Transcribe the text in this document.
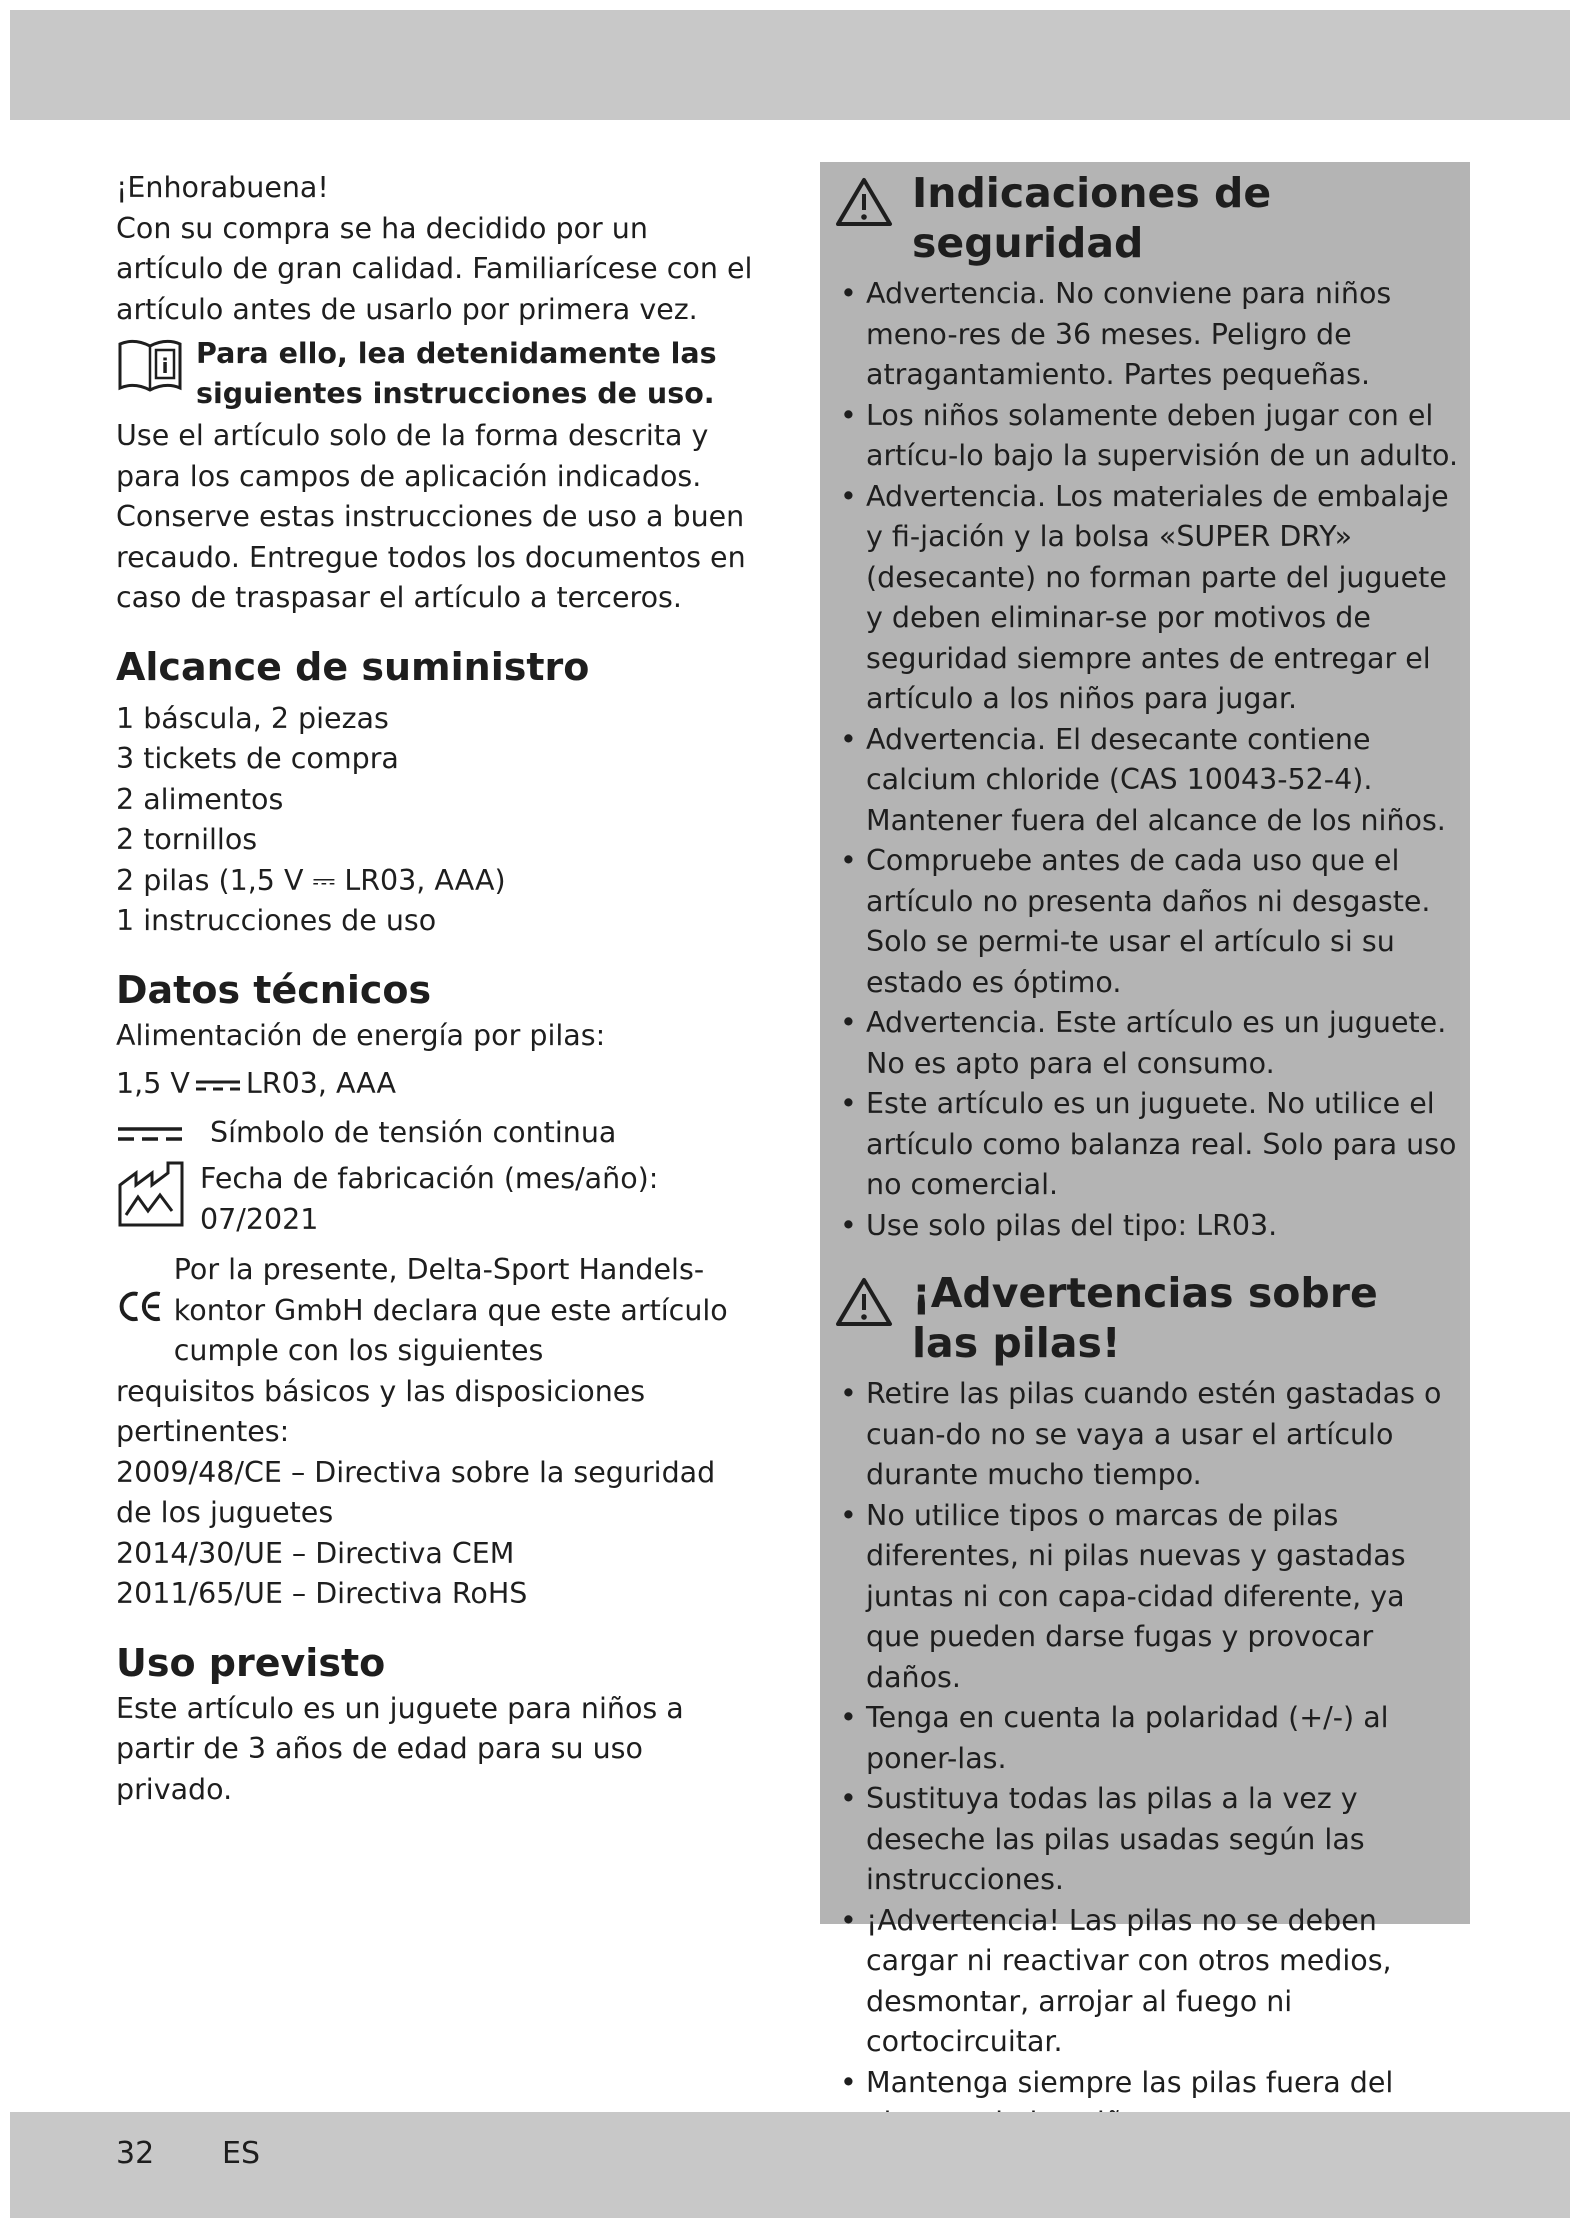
¡Enhorabuena!

Con su compra se ha decidido por un artículo de gran calidad. Familiarícese con el artículo antes de usarlo por primera vez.

i Para ello, lea detenidamente las siguientes instrucciones de uso.

Use el artículo solo de la forma descrita y para los campos de aplicación indicados. Conserve estas instrucciones de uso a buen recaudo. Entregue todos los documentos en caso de traspasar el artículo a terceros.

Alcance de suministro

1 báscula, 2 piezas

3 tickets de compra

2 alimentos

2 tornillos

2 pilas (1,5 V ⎓ LR03, AAA)

1 instrucciones de uso

Datos técnicos

Alimentación de energía por pilas:

1,5 V LR03, AAA
Símbolo de tensión continua
Fecha de fabricación (mes/año):
07/2021
Por la presente, Delta-Sport Handels-kontor GmbH declara que este artículo cumple con los siguientes

requisitos básicos y las disposiciones pertinentes:

2009/48/CE – Directiva sobre la seguridad de los juguetes

2014/30/UE – Directiva CEM

2011/65/UE – Directiva RoHS

Uso previsto

Este artículo es un juguete para niños a partir de 3 años de edad para su uso privado.

Indicaciones de seguridad
• Advertencia. No conviene para niños meno-res de 36 meses. Peligro de atragantamiento. Partes pequeñas.
• Los niños solamente deben jugar con el artícu-lo bajo la supervisión de un adulto.
• Advertencia. Los materiales de embalaje y fi-jación y la bolsa «SUPER DRY» (desecante) no forman parte del juguete y deben eliminar-se por motivos de seguridad siempre antes de entregar el artículo a los niños para jugar.
• Advertencia. El desecante contiene calcium chloride (CAS 10043-52-4). Mantener fuera del alcance de los niños.
• Compruebe antes de cada uso que el artículo no presenta daños ni desgaste. Solo se permi-te usar el artículo si su estado es óptimo.
• Advertencia. Este artículo es un juguete. No es apto para el consumo.
• Este artículo es un juguete. No utilice el artículo como balanza real. Solo para uso no comercial.
• Use solo pilas del tipo: LR03.
¡Advertencias sobre las pilas!
• Retire las pilas cuando estén gastadas o cuan-do no se vaya a usar el artículo durante mucho tiempo.
• No utilice tipos o marcas de pilas diferentes, ni pilas nuevas y gastadas juntas ni con capa-cidad diferente, ya que pueden darse fugas y provocar daños.
• Tenga en cuenta la polaridad (+/-) al poner-las.
• Sustituya todas las pilas a la vez y deseche las pilas usadas según las instrucciones.
• ¡Advertencia! Las pilas no se deben cargar ni reactivar con otros medios, desmontar, arrojar al fuego ni cortocircuitar.
• Mantenga siempre las pilas fuera del
•
32 ES
